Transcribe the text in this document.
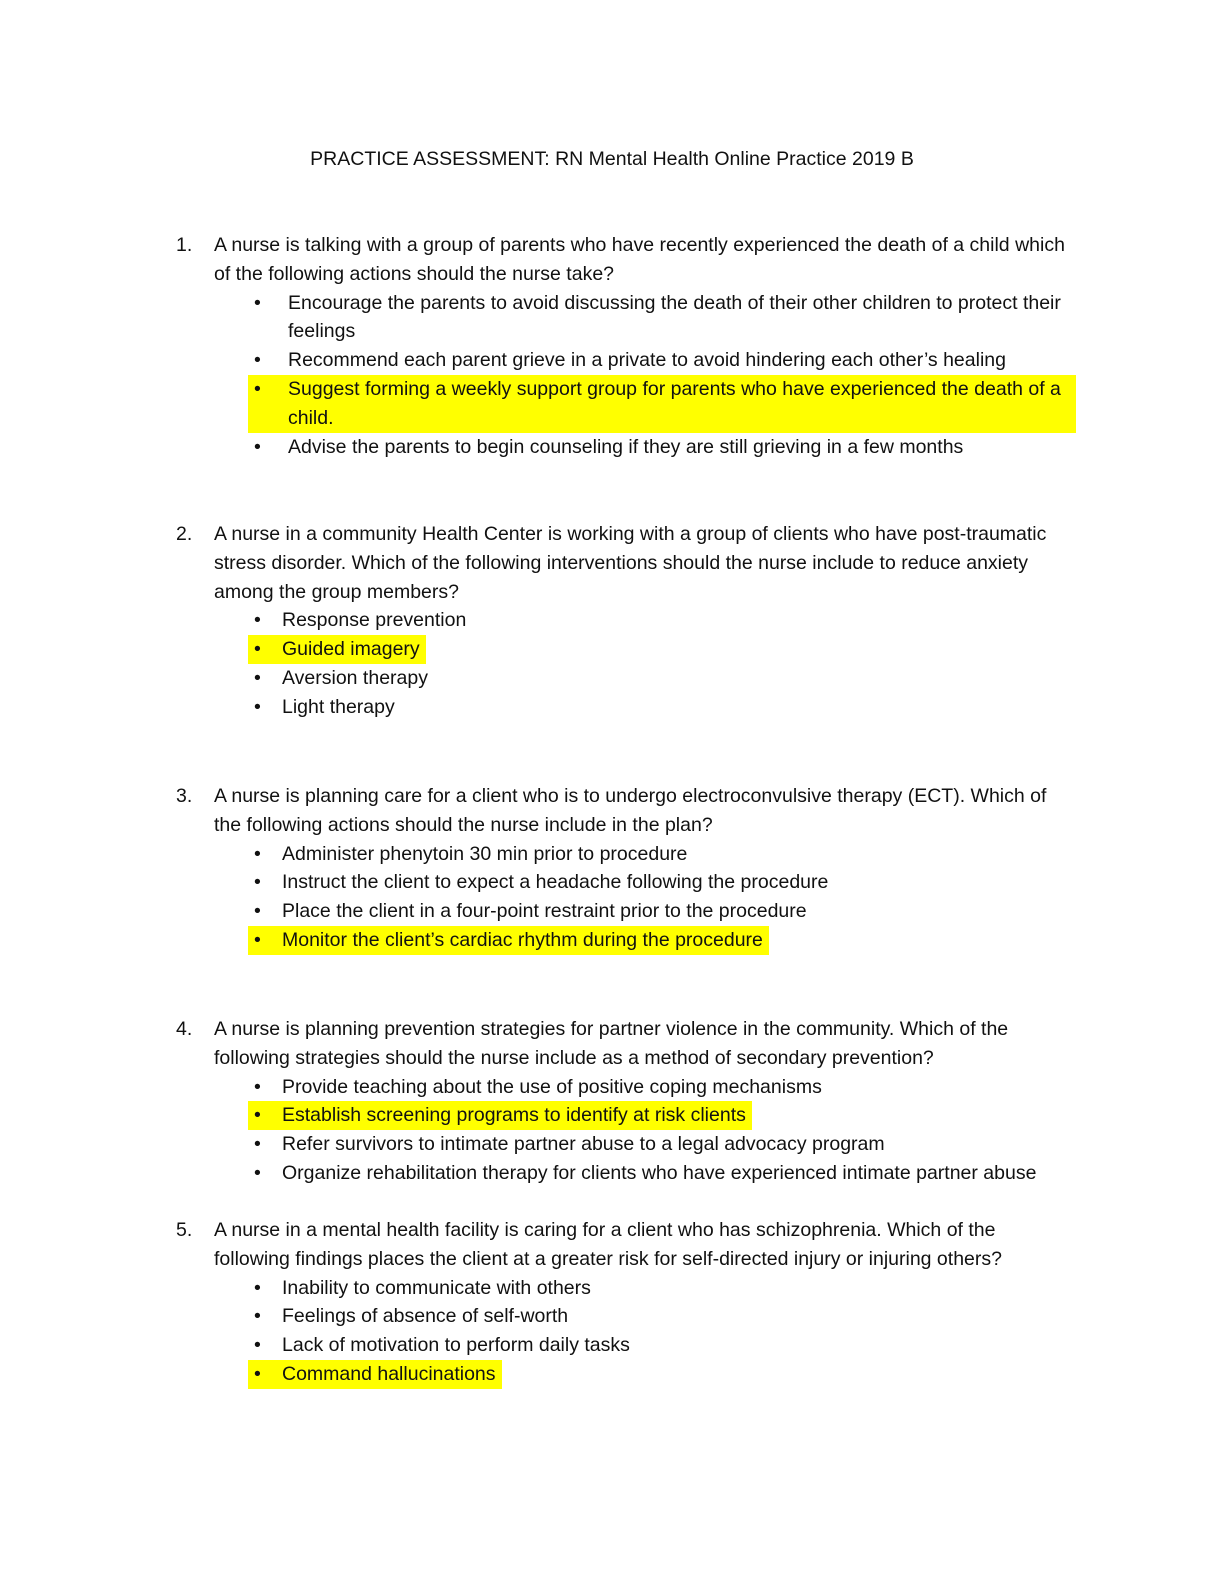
PRACTICE ASSESSMENT: RN Mental Health Online Practice 2019 B
1.	A nurse is talking with a group of parents who have recently experienced the death of a child which of the following actions should the nurse take?
•	Encourage the parents to avoid discussing the death of their other children to protect their feelings
•	Recommend each parent grieve in a private to avoid hindering each other’s healing
•	Suggest forming a weekly support group for parents who have experienced the death of a child.
•	Advise the parents to begin counseling if they are still grieving in a few months
2.	A nurse in a community Health Center is working with a group of clients who have post-traumatic stress disorder. Which of the following interventions should the nurse include to reduce anxiety among the group members?
•	Response prevention
•	Guided imagery
•	Aversion therapy
•	Light therapy
3.	A nurse is planning care for a client who is to undergo electroconvulsive therapy (ECT). Which of the following actions should the nurse include in the plan?
•	Administer phenytoin 30 min prior to procedure
•	Instruct the client to expect a headache following the procedure
•	Place the client in a four-point restraint prior to the procedure
•	Monitor the client’s cardiac rhythm during the procedure
4.	A nurse is planning prevention strategies for partner violence in the community. Which of the following strategies should the nurse include as a method of secondary prevention?
•	Provide teaching about the use of positive coping mechanisms
•	Establish screening programs to identify at risk clients
•	Refer survivors to intimate partner abuse to a legal advocacy program
•	Organize rehabilitation therapy for clients who have experienced intimate partner abuse
5.	A nurse in a mental health facility is caring for a client who has schizophrenia. Which of the following findings places the client at a greater risk for self-directed injury or injuring others?
•	Inability to communicate with others
•	Feelings of absence of self-worth
•	Lack of motivation to perform daily tasks
•	Command hallucinations
